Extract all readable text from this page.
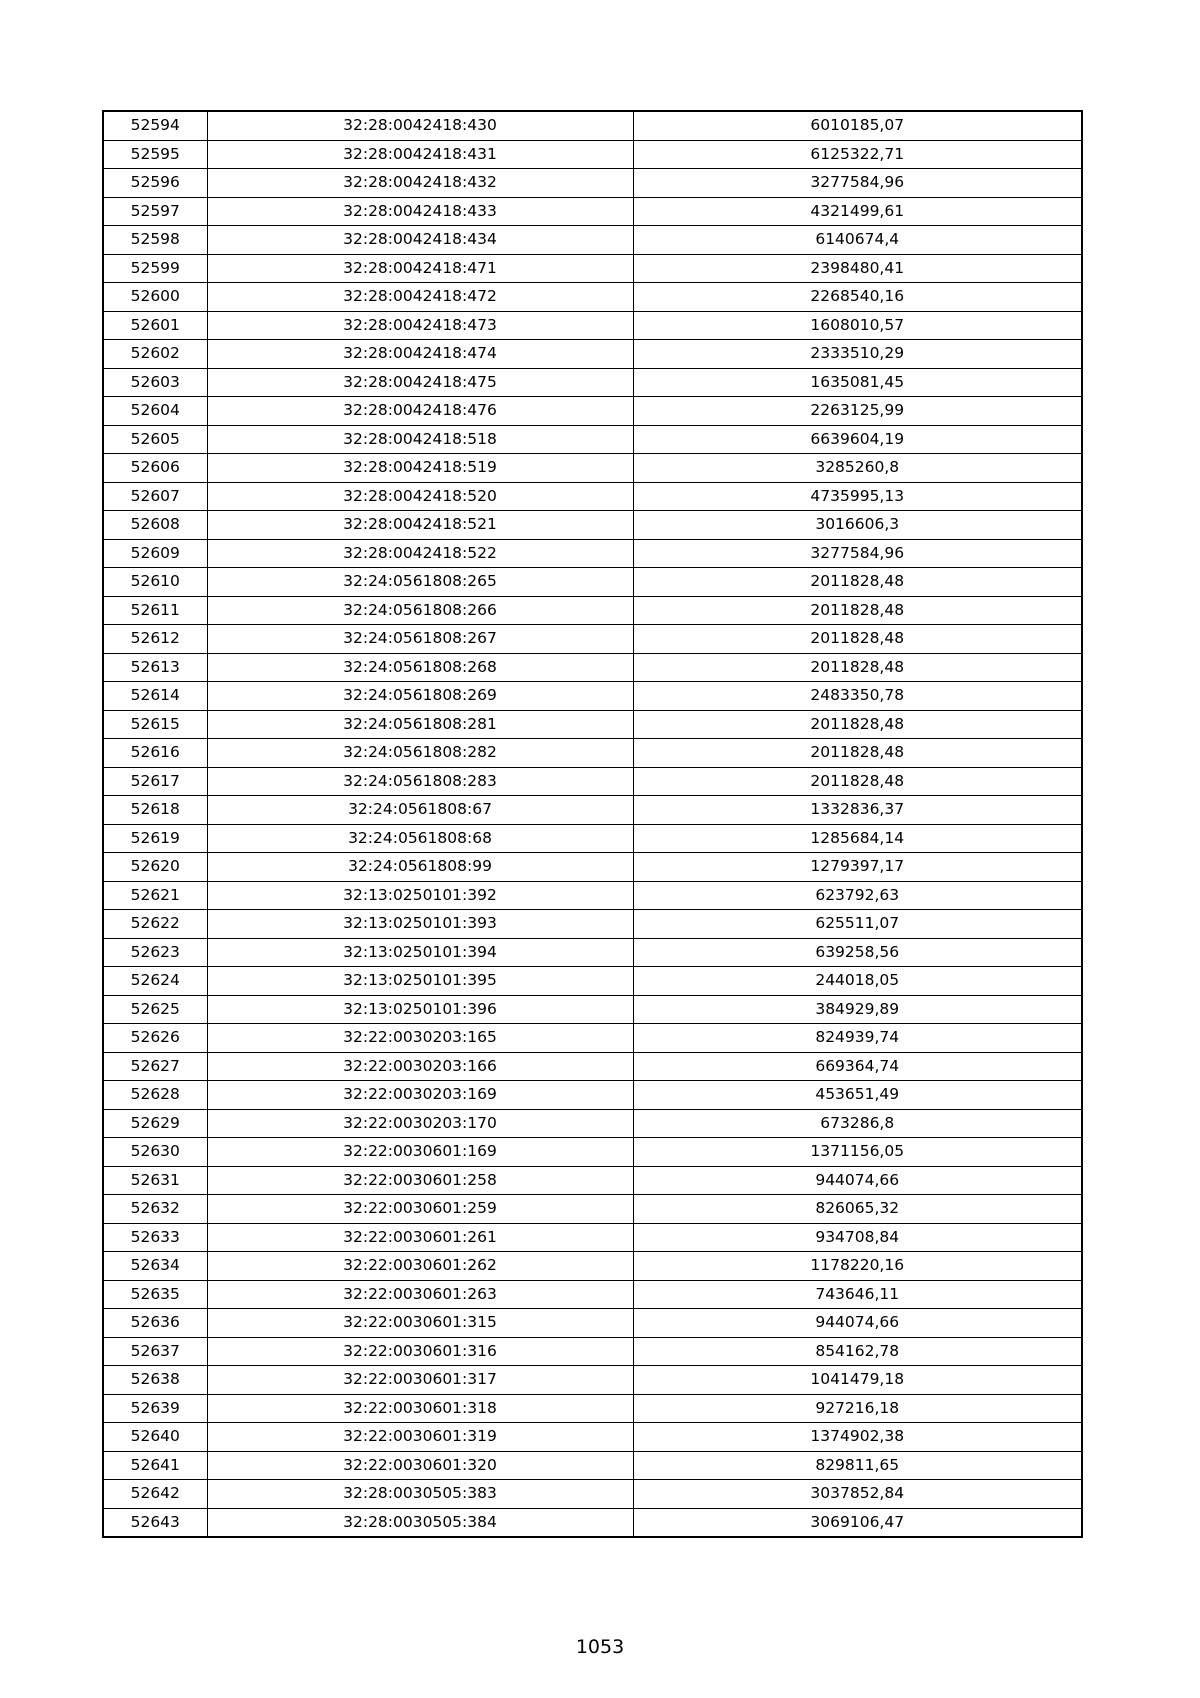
52594	32:28:0042418:430	6010185,07
52595	32:28:0042418:431	6125322,71
52596	32:28:0042418:432	3277584,96
52597	32:28:0042418:433	4321499,61
52598	32:28:0042418:434	6140674,4
52599	32:28:0042418:471	2398480,41
52600	32:28:0042418:472	2268540,16
52601	32:28:0042418:473	1608010,57
52602	32:28:0042418:474	2333510,29
52603	32:28:0042418:475	1635081,45
52604	32:28:0042418:476	2263125,99
52605	32:28:0042418:518	6639604,19
52606	32:28:0042418:519	3285260,8
52607	32:28:0042418:520	4735995,13
52608	32:28:0042418:521	3016606,3
52609	32:28:0042418:522	3277584,96
52610	32:24:0561808:265	2011828,48
52611	32:24:0561808:266	2011828,48
52612	32:24:0561808:267	2011828,48
52613	32:24:0561808:268	2011828,48
52614	32:24:0561808:269	2483350,78
52615	32:24:0561808:281	2011828,48
52616	32:24:0561808:282	2011828,48
52617	32:24:0561808:283	2011828,48
52618	32:24:0561808:67	1332836,37
52619	32:24:0561808:68	1285684,14
52620	32:24:0561808:99	1279397,17
52621	32:13:0250101:392	623792,63
52622	32:13:0250101:393	625511,07
52623	32:13:0250101:394	639258,56
52624	32:13:0250101:395	244018,05
52625	32:13:0250101:396	384929,89
52626	32:22:0030203:165	824939,74
52627	32:22:0030203:166	669364,74
52628	32:22:0030203:169	453651,49
52629	32:22:0030203:170	673286,8
52630	32:22:0030601:169	1371156,05
52631	32:22:0030601:258	944074,66
52632	32:22:0030601:259	826065,32
52633	32:22:0030601:261	934708,84
52634	32:22:0030601:262	1178220,16
52635	32:22:0030601:263	743646,11
52636	32:22:0030601:315	944074,66
52637	32:22:0030601:316	854162,78
52638	32:22:0030601:317	1041479,18
52639	32:22:0030601:318	927216,18
52640	32:22:0030601:319	1374902,38
52641	32:22:0030601:320	829811,65
52642	32:28:0030505:383	3037852,84
52643	32:28:0030505:384	3069106,47
1053
